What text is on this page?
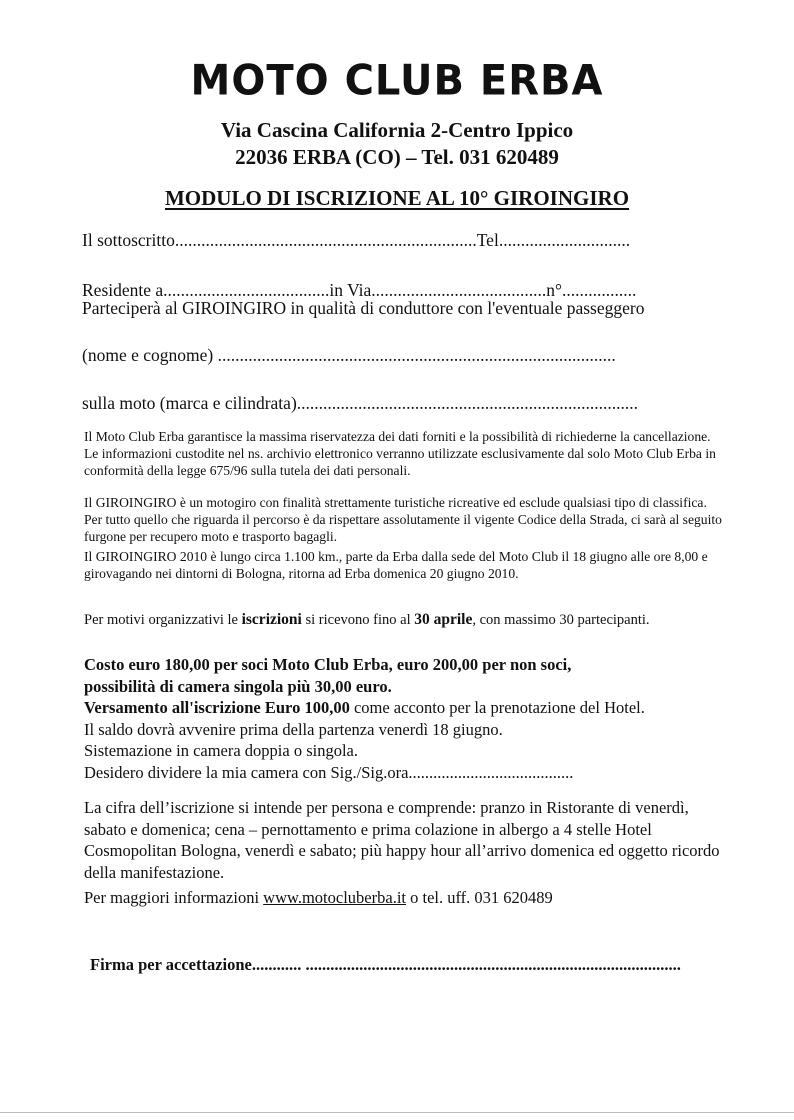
MOTO CLUB ERBA
Via Cascina California 2-Centro Ippico
22036 ERBA (CO) – Tel. 031 620489
MODULO DI ISCRIZIONE AL 10° GIROINGIRO
Il sottoscritto.....................................................................Tel..............................
Residente a......................................in Via........................................n°.................
Parteciperà al GIROINGIRO in qualità di conduttore con l'eventuale passeggero
(nome e cognome) ...........................................................................................
sulla moto (marca e cilindrata)..............................................................................
Il Moto Club Erba garantisce la massima riservatezza dei dati forniti e la possibilità di richiederne la cancellazione. Le informazioni custodite nel ns. archivio elettronico verranno utilizzate esclusivamente dal solo Moto Club Erba in conformità della legge 675/96 sulla tutela dei dati personali.
Il GIROINGIRO è un motogiro con finalità strettamente turistiche ricreative ed esclude qualsiasi tipo di classifica. Per tutto quello che riguarda il percorso è da rispettare assolutamente il vigente Codice della Strada, ci sarà al seguito furgone per recupero moto e trasporto bagagli.
Il GIROINGIRO 2010 è lungo circa 1.100 km., parte da Erba dalla sede del Moto Club il 18 giugno alle ore 8,00 e girovagando nei dintorni di Bologna, ritorna ad Erba domenica 20 giugno 2010.
Per motivi organizzativi le iscrizioni si ricevono fino al 30 aprile, con massimo 30 partecipanti.
Costo euro 180,00 per soci Moto Club Erba, euro 200,00 per non soci,
possibilità di camera singola più 30,00 euro.
Versamento all'iscrizione Euro 100,00 come acconto per la prenotazione del Hotel.
Il saldo dovrà avvenire prima della partenza venerdì 18 giugno.
Sistemazione in camera doppia o singola.
Desidero dividere la mia camera con Sig./Sig.ora........................................
La cifra dell’iscrizione si intende per persona e comprende: pranzo in Ristorante di venerdì, sabato e domenica; cena – pernottamento e prima colazione in albergo a 4 stelle Hotel Cosmopolitan Bologna, venerdì e sabato; più happy hour all’arrivo domenica ed oggetto ricordo della manifestazione.
Per maggiori informazioni www.motocluberba.it o tel. uff. 031 620489
Firma per accettazione............ ...........................................................................................
